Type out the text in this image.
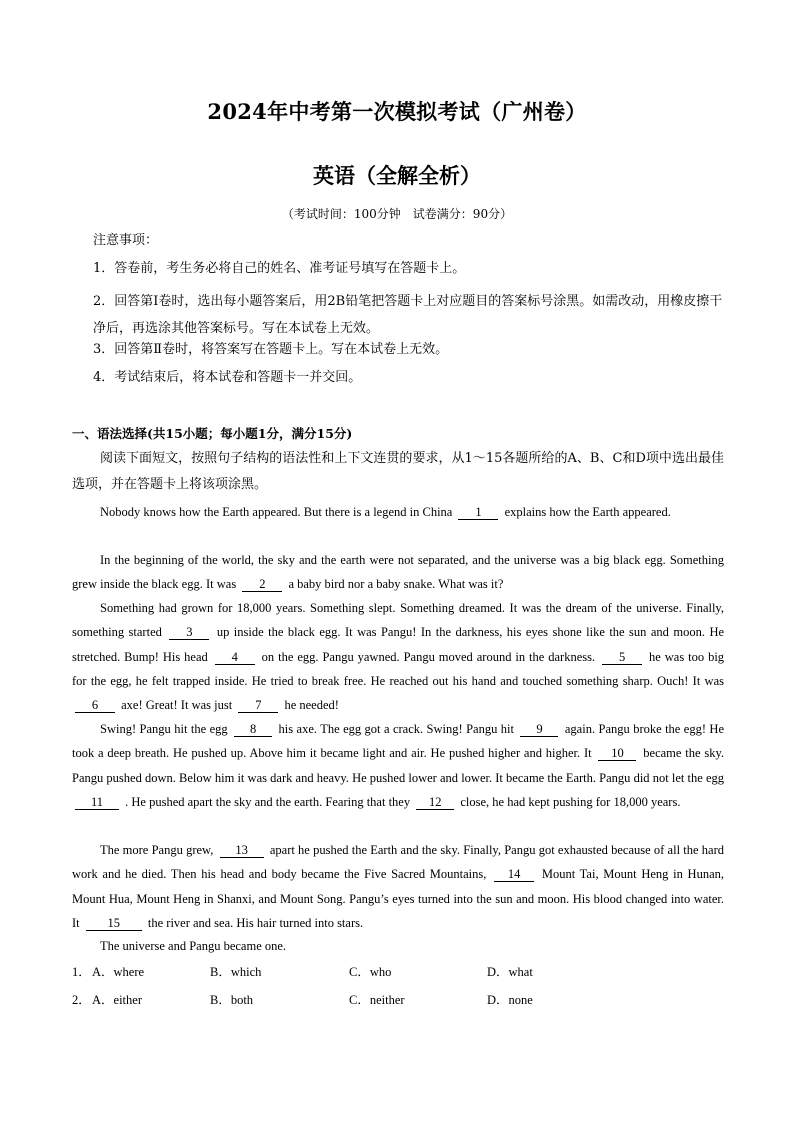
2024年中考第一次模拟考试（广州卷）
英语（全解全析）
（考试时间：100分钟　试卷满分：90分）
注意事项：
1．答卷前，考生务必将自己的姓名、准考证号填写在答题卡上。
2．回答第Ⅰ卷时，选出每小题答案后，用2B铅笔把答题卡上对应题目的答案标号涂黑。如需改动，用橡皮擦干净后，再选涂其他答案标号。写在本试卷上无效。
3．回答第Ⅱ卷时，将答案写在答题卡上。写在本试卷上无效。
4．考试结束后，将本试卷和答题卡一并交回。
一、语法选择(共15小题；每小题1分，满分15分)
阅读下面短文，按照句子结构的语法性和上下文连贯的要求，从1～15各题所给的A、B、C和D项中选出最佳选项，并在答题卡上将该项涂黑。
Nobody knows how the Earth appeared. But there is a legend in China 1 explains how the Earth appeared.
In the beginning of the world, the sky and the earth were not separated, and the universe was a big black egg. Something grew inside the black egg. It was 2 a baby bird nor a baby snake. What was it?
Something had grown for 18,000 years. Something slept. Something dreamed. It was the dream of the universe. Finally, something started 3 up inside the black egg. It was Pangu! In the darkness, his eyes shone like the sun and moon. He stretched. Bump! His head 4 on the egg. Pangu yawned. Pangu moved around in the darkness. 5 he was too big for the egg, he felt trapped inside. He tried to break free. He reached out his hand and touched something sharp. Ouch! It was 6 axe! Great! It was just 7 he needed!
Swing! Pangu hit the egg 8 his axe. The egg got a crack. Swing! Pangu hit 9 again. Pangu broke the egg! He took a deep breath. He pushed up. Above him it became light and air. He pushed higher and higher. It 10 became the sky. Pangu pushed down. Below him it was dark and heavy. He pushed lower and lower. It became the Earth. Pangu did not let the egg 11 . He pushed apart the sky and the earth. Fearing that they 12 close, he had kept pushing for 18,000 years.
The more Pangu grew, 13 apart he pushed the Earth and the sky. Finally, Pangu got exhausted because of all the hard work and he died. Then his head and body became the Five Sacred Mountains, 14 Mount Tai, Mount Heng in Hunan, Mount Hua, Mount Heng in Shanxi, and Mount Song. Pangu’s eyes turned into the sun and moon. His blood changed into water. It 15 the river and sea. His hair turned into stars.
The universe and Pangu became one.
1． A．where	B．which	C．who	D．what
2． A．either	B．both	C．neither	D．none
